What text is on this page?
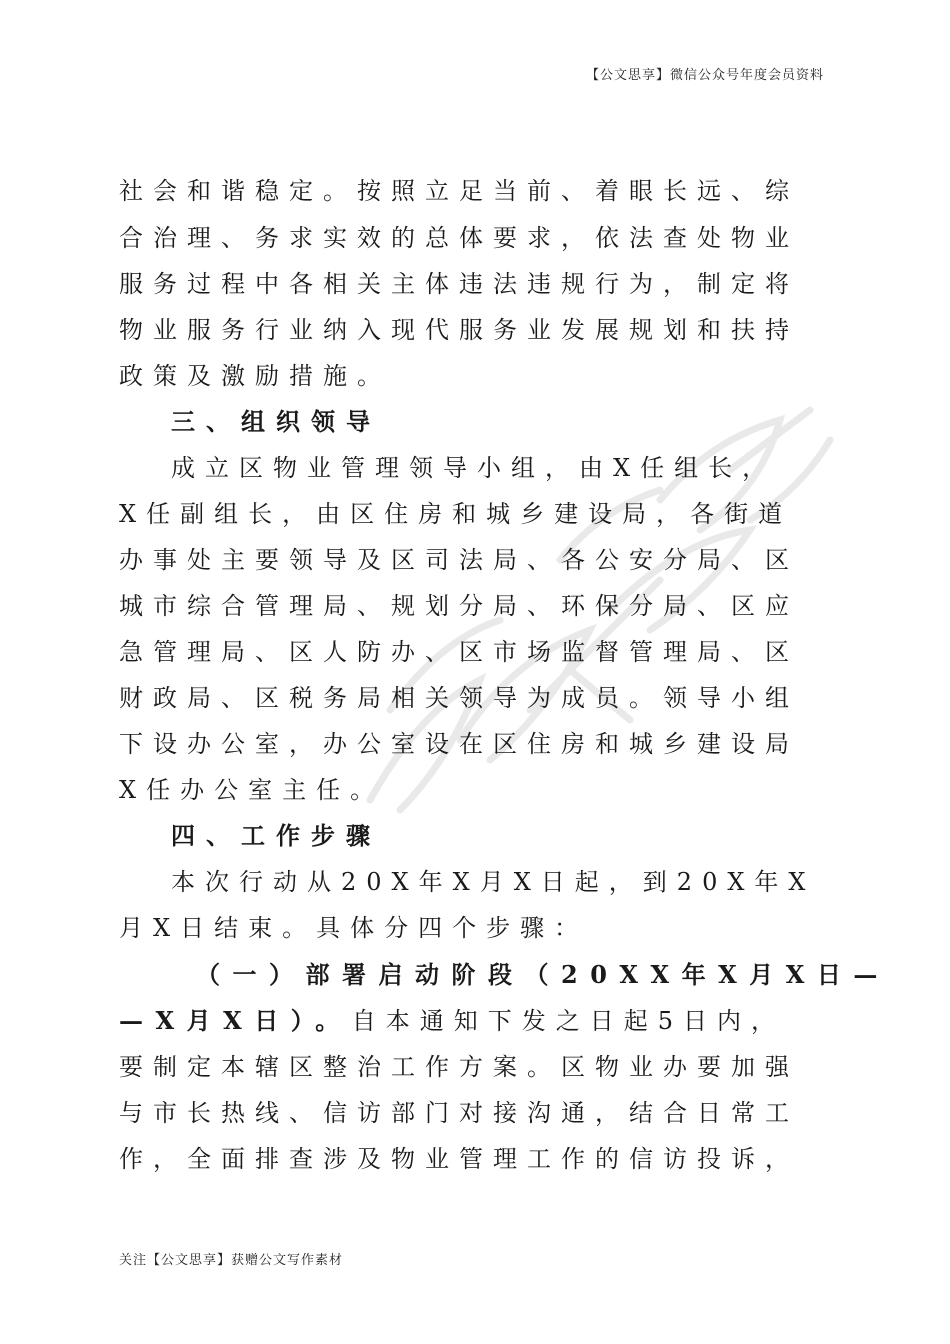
【公文思享】微信公众号年度会员资料
社会和谐稳定。按照立足当前、着眼长远、综
合治理、务求实效的总体要求，依法查处物业
服务过程中各相关主体违法违规行为，制定将
物业服务行业纳入现代服务业发展规划和扶持
政策及激励措施。
三、组织领导
成立区物业管理领导小组，由X任组长，
X任副组长，由区住房和城乡建设局，各街道
办事处主要领导及区司法局、各公安分局、区
城市综合管理局、规划分局、环保分局、区应
急管理局、区人防办、区市场监督管理局、区
财政局、区税务局相关领导为成员。领导小组
下设办公室，办公室设在区住房和城乡建设局
X任办公室主任。
四、工作步骤
本次行动从20X年X月X日起，到20X年X
月X日结束。具体分四个步骤：
（一）部署启动阶段（20XX年X月X日—
—X月X日）。自本通知下发之日起5日内，
要制定本辖区整治工作方案。区物业办要加强
与市长热线、信访部门对接沟通，结合日常工
作，全面排查涉及物业管理工作的信访投诉，
关注【公文思享】获赠公文写作素材
